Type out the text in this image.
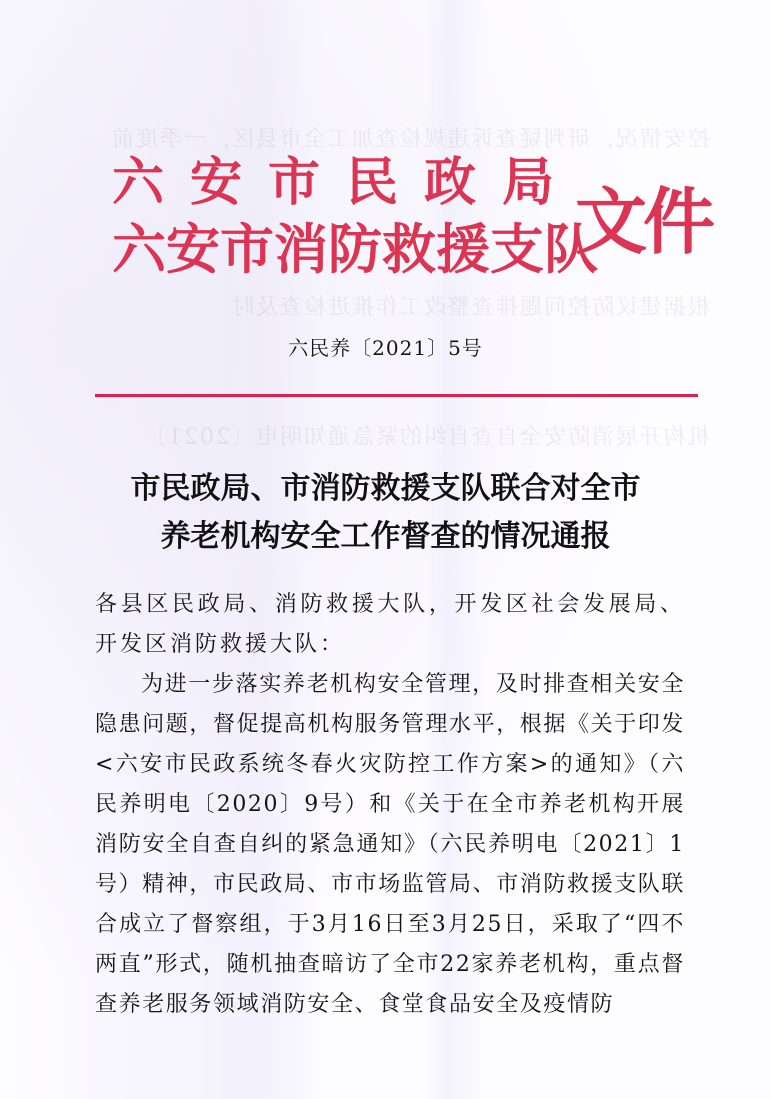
控安情况，研判疑查诉违规检查加工全市县区，一季度前
根据建议防控问题排查整改工作推进检查及时
机构开展消防安全自查自纠的紧急通知明电〔2021〕
六安市民政局
六安市消防救援支队
文件
六民养〔2021〕5号
市民政局、市消防救援支队联合对全市
养老机构安全工作督查的情况通报
各县区民政局、消防救援大队，开发区社会发展局、开发区消防救援大队：
为进一步落实养老机构安全管理，及时排查相关安全隐患问题，督促提高机构服务管理水平，根据《关于印发<六安市民政系统冬春火灾防控工作方案>的通知》（六民养明电〔2020〕9号）和《关于在全市养老机构开展消防安全自查自纠的紧急通知》（六民养明电〔2021〕1号）精神，市民政局、市市场监管局、市消防救援支队联合成立了督察组，于3月16日至3月25日，采取了“四不两直”形式，随机抽查暗访了全市22家养老机构，重点督查养老服务领域消防安全、食堂食品安全及疫情防
